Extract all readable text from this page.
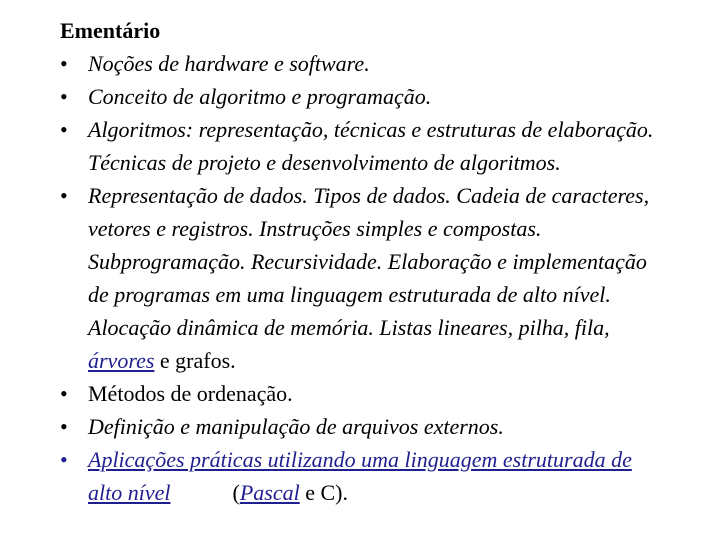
Ementário
• Noções de hardware e software.
• Conceito de algoritmo e programação.
• Algoritmos: representação, técnicas e estruturas de elaboração. Técnicas de projeto e desenvolvimento de algoritmos.
• Representação de dados. Tipos de dados. Cadeia de caracteres, vetores e registros. Instruções simples e compostas. Subprogramação. Recursividade. Elaboração e implementação de programas em uma linguagem estruturada de alto nível. Alocação dinâmica de memória. Listas lineares, pilha, fila, árvores e grafos.
• Métodos de ordenação.
• Definição e manipulação de arquivos externos.
• Aplicações práticas utilizando uma linguagem estruturada de alto nível	(Pascal e C).
